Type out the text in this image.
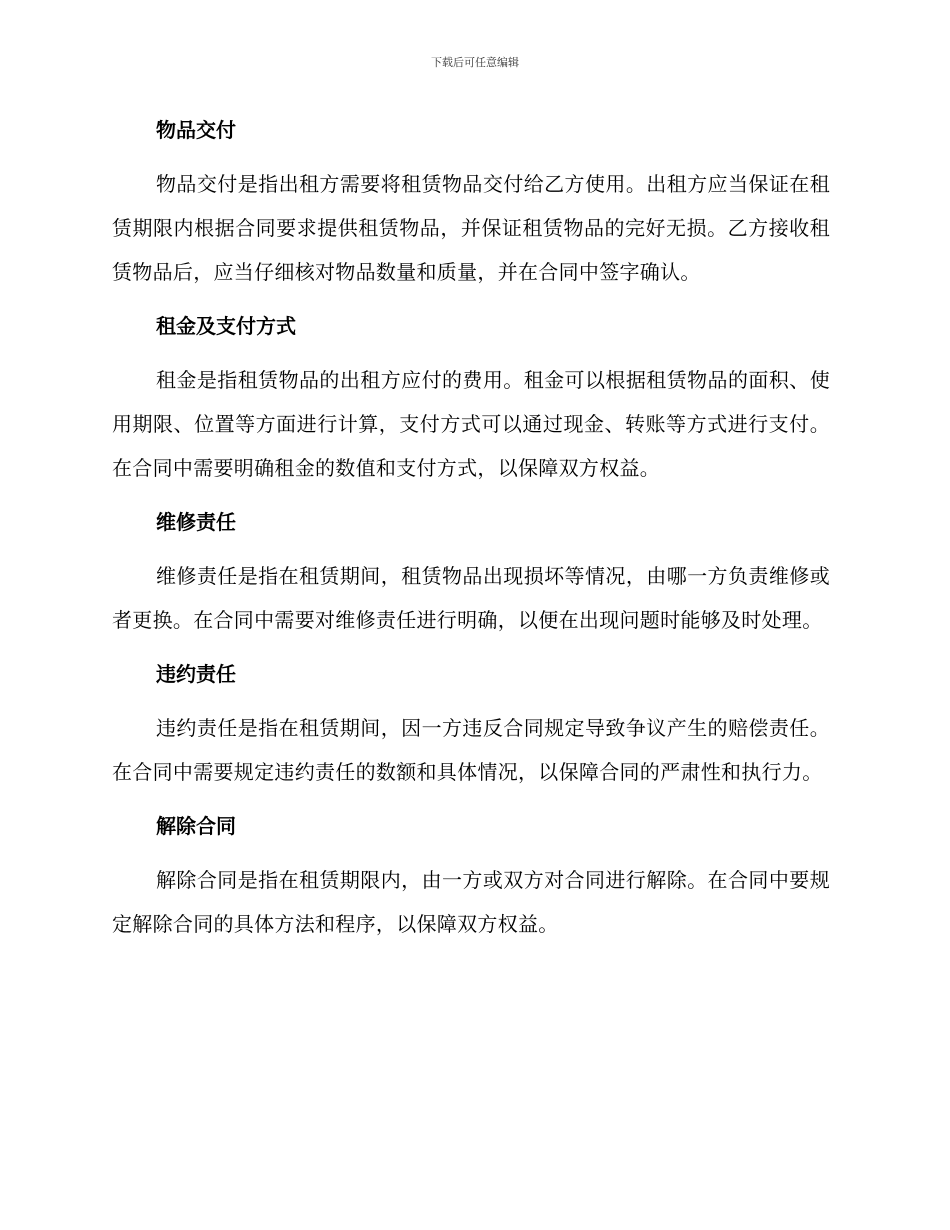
下载后可任意编辑
物品交付

物品交付是指出租方需要将租赁物品交付给乙方使用。出租方应当保证在租赁期限内根据合同要求提供租赁物品，并保证租赁物品的完好无损。乙方接收租赁物品后，应当仔细核对物品数量和质量，并在合同中签字确认。

租金及支付方式

租金是指租赁物品的出租方应付的费用。租金可以根据租赁物品的面积、使用期限、位置等方面进行计算，支付方式可以通过现金、转账等方式进行支付。在合同中需要明确租金的数值和支付方式，以保障双方权益。

维修责任

维修责任是指在租赁期间，租赁物品出现损坏等情况，由哪一方负责维修或者更换。在合同中需要对维修责任进行明确，以便在出现问题时能够及时处理。

违约责任

违约责任是指在租赁期间，因一方违反合同规定导致争议产生的赔偿责任。在合同中需要规定违约责任的数额和具体情况，以保障合同的严肃性和执行力。

解除合同

解除合同是指在租赁期限内，由一方或双方对合同进行解除。在合同中要规定解除合同的具体方法和程序，以保障双方权益。
